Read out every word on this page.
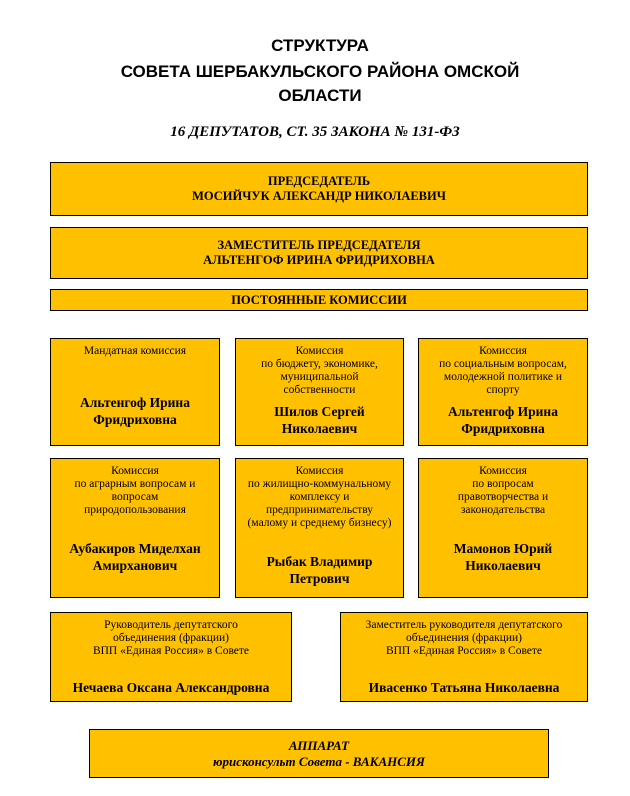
СТРУКТУРА
СОВЕТА ШЕРБАКУЛЬСКОГО РАЙОНА ОМСКОЙ
ОБЛАСТИ
16 ДЕПУТАТОВ, СТ. 35 ЗАКОНА № 131-ФЗ
ПРЕДСЕДАТЕЛЬ
МОСИЙЧУК АЛЕКСАНДР НИКОЛАЕВИЧ
ЗАМЕСТИТЕЛЬ ПРЕДСЕДАТЕЛЯ
АЛЬТЕНГОФ ИРИНА ФРИДРИХОВНА
ПОСТОЯННЫЕ КОМИССИИ
Мандатная комиссия
Альтенгоф Ирина
Фридриховна
Комиссия
по бюджету, экономике,
муниципальной
собственности
Шилов Сергей
Николаевич
Комиссия
по социальным вопросам,
молодежной политике и
спорту
Альтенгоф Ирина
Фридриховна
Комиссия
по аграрным вопросам и
вопросам
природопользования
Аубакиров Миделхан
Амирханович
Комиссия
по жилищно-коммунальному
комплексу и
предпринимательству
(малому и среднему бизнесу)
Рыбак Владимир
Петрович
Комиссия
по вопросам
правотворчества и
законодательства
Мамонов Юрий
Николаевич
Руководитель депутатского
объединения (фракции)
ВПП «Единая Россия» в Совете
Нечаева Оксана Александровна
Заместитель руководителя депутатского
объединения (фракции)
ВПП «Единая Россия» в Совете
Ивасенко Татьяна Николаевна
АППАРАТ
юрисконсульт Совета - ВАКАНСИЯ
